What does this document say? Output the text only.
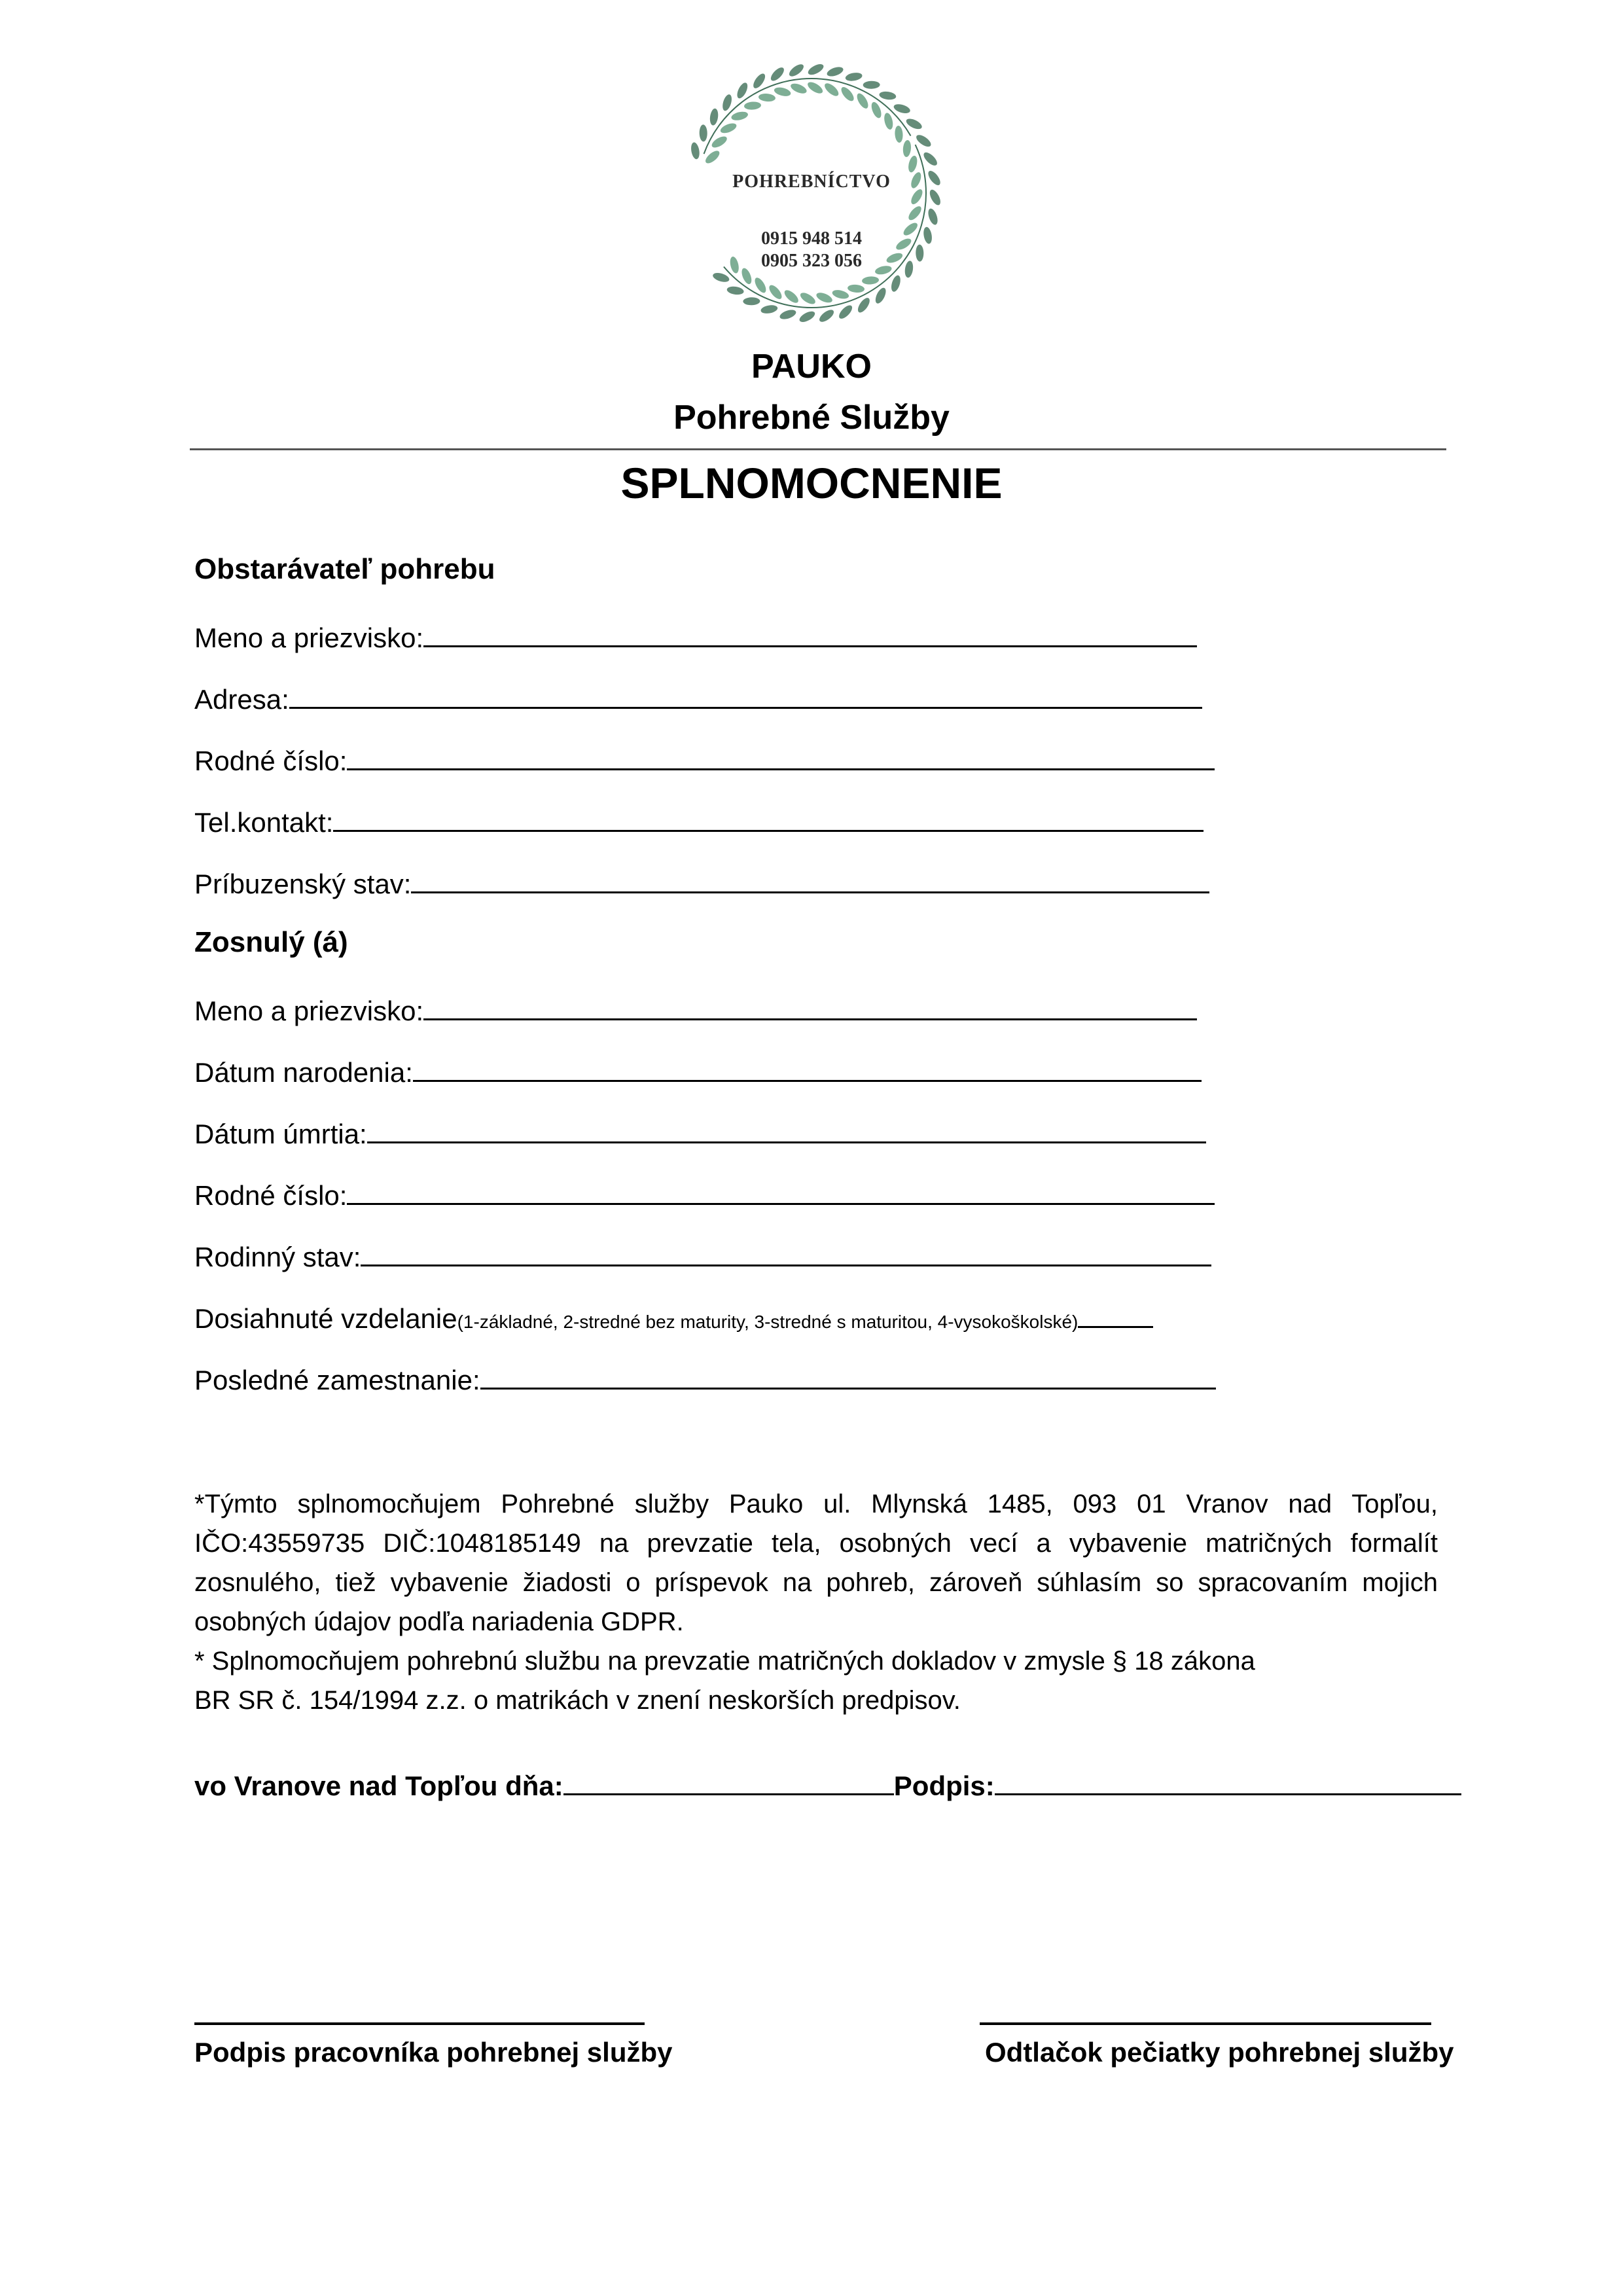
POHREBNÍCTVO
0915 948 514
0905 323 056
PAUKO
Pohrebné Služby
SPLNOMOCNENIE
Obstarávateľ pohrebu
Meno a priezvisko:
Adresa:
Rodné číslo:
Tel.kontakt:
Príbuzenský stav:
Zosnulý (á)
Meno a priezvisko:
Dátum narodenia:
Dátum úmrtia:
Rodné číslo:
Rodinný stav:
Dosiahnuté vzdelanie (1-základné, 2-stredné bez maturity, 3-stredné s maturitou, 4-vysokoškolské)
Posledné zamestnanie:
*Týmto splnomocňujem Pohrebné služby Pauko ul. Mlynská 1485, 093 01 Vranov nad Topľou, IČO:43559735 DIČ:1048185149 na prevzatie tela, osobných vecí a vybavenie matričných formalít zosnulého, tiež vybavenie žiadosti o príspevok na pohreb, zároveň súhlasím so spracovaním mojich osobných údajov podľa nariadenia GDPR.
* Splnomocňujem pohrebnú službu na prevzatie matričných dokladov v zmysle § 18 zákona
BR SR č. 154/1994 z.z. o matrikách v znení neskorších predpisov.
vo Vranove nad Topľou dňa:	Podpis:
Podpis pracovníka pohrebnej služby	Odtlačok pečiatky pohrebnej služby
